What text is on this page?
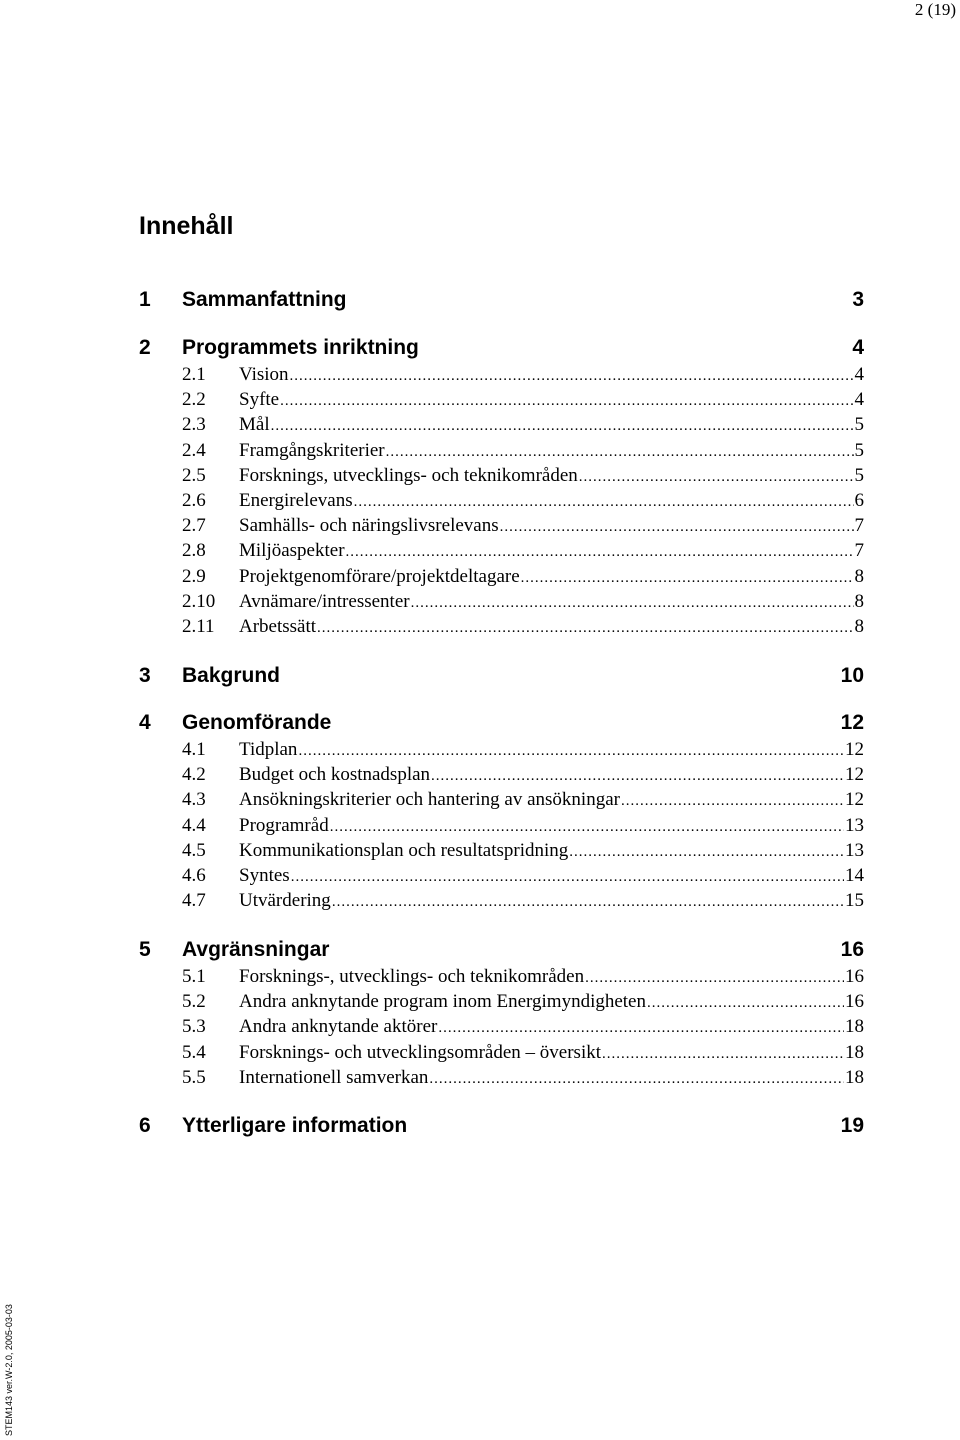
2 (19)
Innehåll
1	Sammanfattning	3
2	Programmets inriktning	4
2.1	Vision .....	4
2.2	Syfte .....	4
2.3	Mål .....	5
2.4	Framgångskriterier .....	5
2.5	Forsknings, utvecklings- och teknikområden .....	5
2.6	Energirelevans .....	6
2.7	Samhälls- och näringslivsrelevans .....	7
2.8	Miljöaspekter .....	7
2.9	Projektgenomförare/projektdeltagare .....	8
2.10	Avnämare/intressenter .....	8
2.11	Arbetssätt .....	8
3	Bakgrund	10
4	Genomförande	12
4.1	Tidplan .....	12
4.2	Budget och kostnadsplan .....	12
4.3	Ansökningskriterier och hantering av ansökningar .....	12
4.4	Programråd .....	13
4.5	Kommunikationsplan och resultatspridning .....	13
4.6	Syntes .....	14
4.7	Utvärdering .....	15
5	Avgränsningar	16
5.1	Forsknings-, utvecklings- och teknikområden .....	16
5.2	Andra anknytande program inom Energimyndigheten .....	16
5.3	Andra anknytande aktörer .....	18
5.4	Forsknings- och utvecklingsområden – översikt .....	18
5.5	Internationell samverkan .....	18
6	Ytterligare information	19
STEM143 ver.W-2.0, 2005-03-03
